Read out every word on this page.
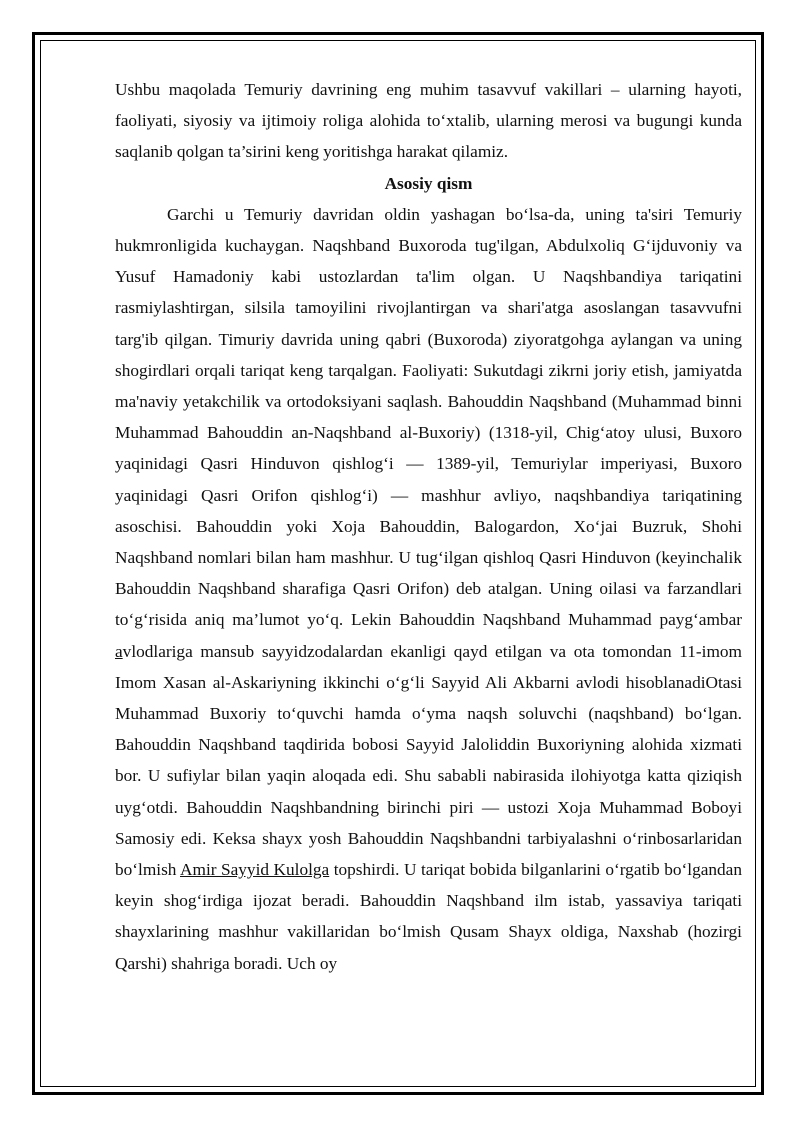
Ushbu maqolada Temuriy davrining eng muhim tasavvuf vakillari – ularning hayoti, faoliyati, siyosiy va ijtimoiy roliga alohida to‘xtalib, ularning merosi va bugungi kunda saqlanib qolgan ta’sirini keng yoritishga harakat qilamiz.

Asosiy qism

Garchi u Temuriy davridan oldin yashagan bo‘lsa-da, uning ta'siri Temuriy hukmronligida kuchaygan. Naqshband Buxoroda tug'ilgan, Abdulxoliq G‘ijduvoniy va Yusuf Hamadoniy kabi ustozlardan ta'lim olgan. U Naqshbandiya tariqatini rasmiylashtirgan, silsila tamoyilini rivojlantirgan va shari'atga asoslangan tasavvufni targ'ib qilgan. Timuriy davrida uning qabri (Buxoroda) ziyoratgohga aylangan va uning shogirdlari orqali tariqat keng tarqalgan. Faoliyati: Sukutdagi zikrni joriy etish, jamiyatda ma'naviy yetakchilik va ortodoksiyani saqlash. Bahouddin Naqshband (Muhammad binni Muhammad Bahouddin an-Naqshband al-Buxoriy) (1318-yil, Chig‘atoy ulusi, Buxoro yaqinidagi Qasri Hinduvon qishlog‘i — 1389-yil, Temuriylar imperiyasi, Buxoro yaqinidagi Qasri Orifon qishlog‘i) — mashhur avliyo, naqshbandiya tariqatining asoschisi. Bahouddin yoki Xoja Bahouddin, Balogardon, Xo‘jai Buzruk, Shohi Naqshband nomlari bilan ham mashhur. U tug‘ilgan qishloq Qasri Hinduvon (keyinchalik Bahouddin Naqshband sharafiga Qasri Orifon) deb atalgan. Uning oilasi va farzandlari to‘g‘risida aniq ma’lumot yo‘q. Lekin Bahouddin Naqshband Muhammad payg‘ambar avlodlariga mansub sayyidzodalardan ekanligi qayd etilgan va ota tomondan 11-imom Imom Xasan al-Askariyning ikkinchi o‘g‘li Sayyid Ali Akbarni avlodi hisoblanadiOtasi Muhammad Buxoriy to‘quvchi hamda o‘yma naqsh soluvchi (naqshband) bo‘lgan. Bahouddin Naqshband taqdirida bobosi Sayyid Jaloliddin Buxoriyning alohida xizmati bor. U sufiylar bilan yaqin aloqada edi. Shu sababli nabirasida ilohiyotga katta qiziqish uyg‘otdi. Bahouddin Naqshbandning birinchi piri — ustozi Xoja Muhammad Boboyi Samosiy edi. Keksa shayx yosh Bahouddin Naqshbandni tarbiyalashni o‘rinbosarlaridan bo‘lmish Amir Sayyid Kulolga topshirdi. U tariqat bobida bilganlarini o‘rgatib bo‘lgandan keyin shog‘irdiga ijozat beradi. Bahouddin Naqshband ilm istab, yassaviya tariqati shayxlarining mashhur vakillaridan bo‘lmish Qusam Shayx oldiga, Naxshab (hozirgi Qarshi) shahriga boradi. Uch oy
